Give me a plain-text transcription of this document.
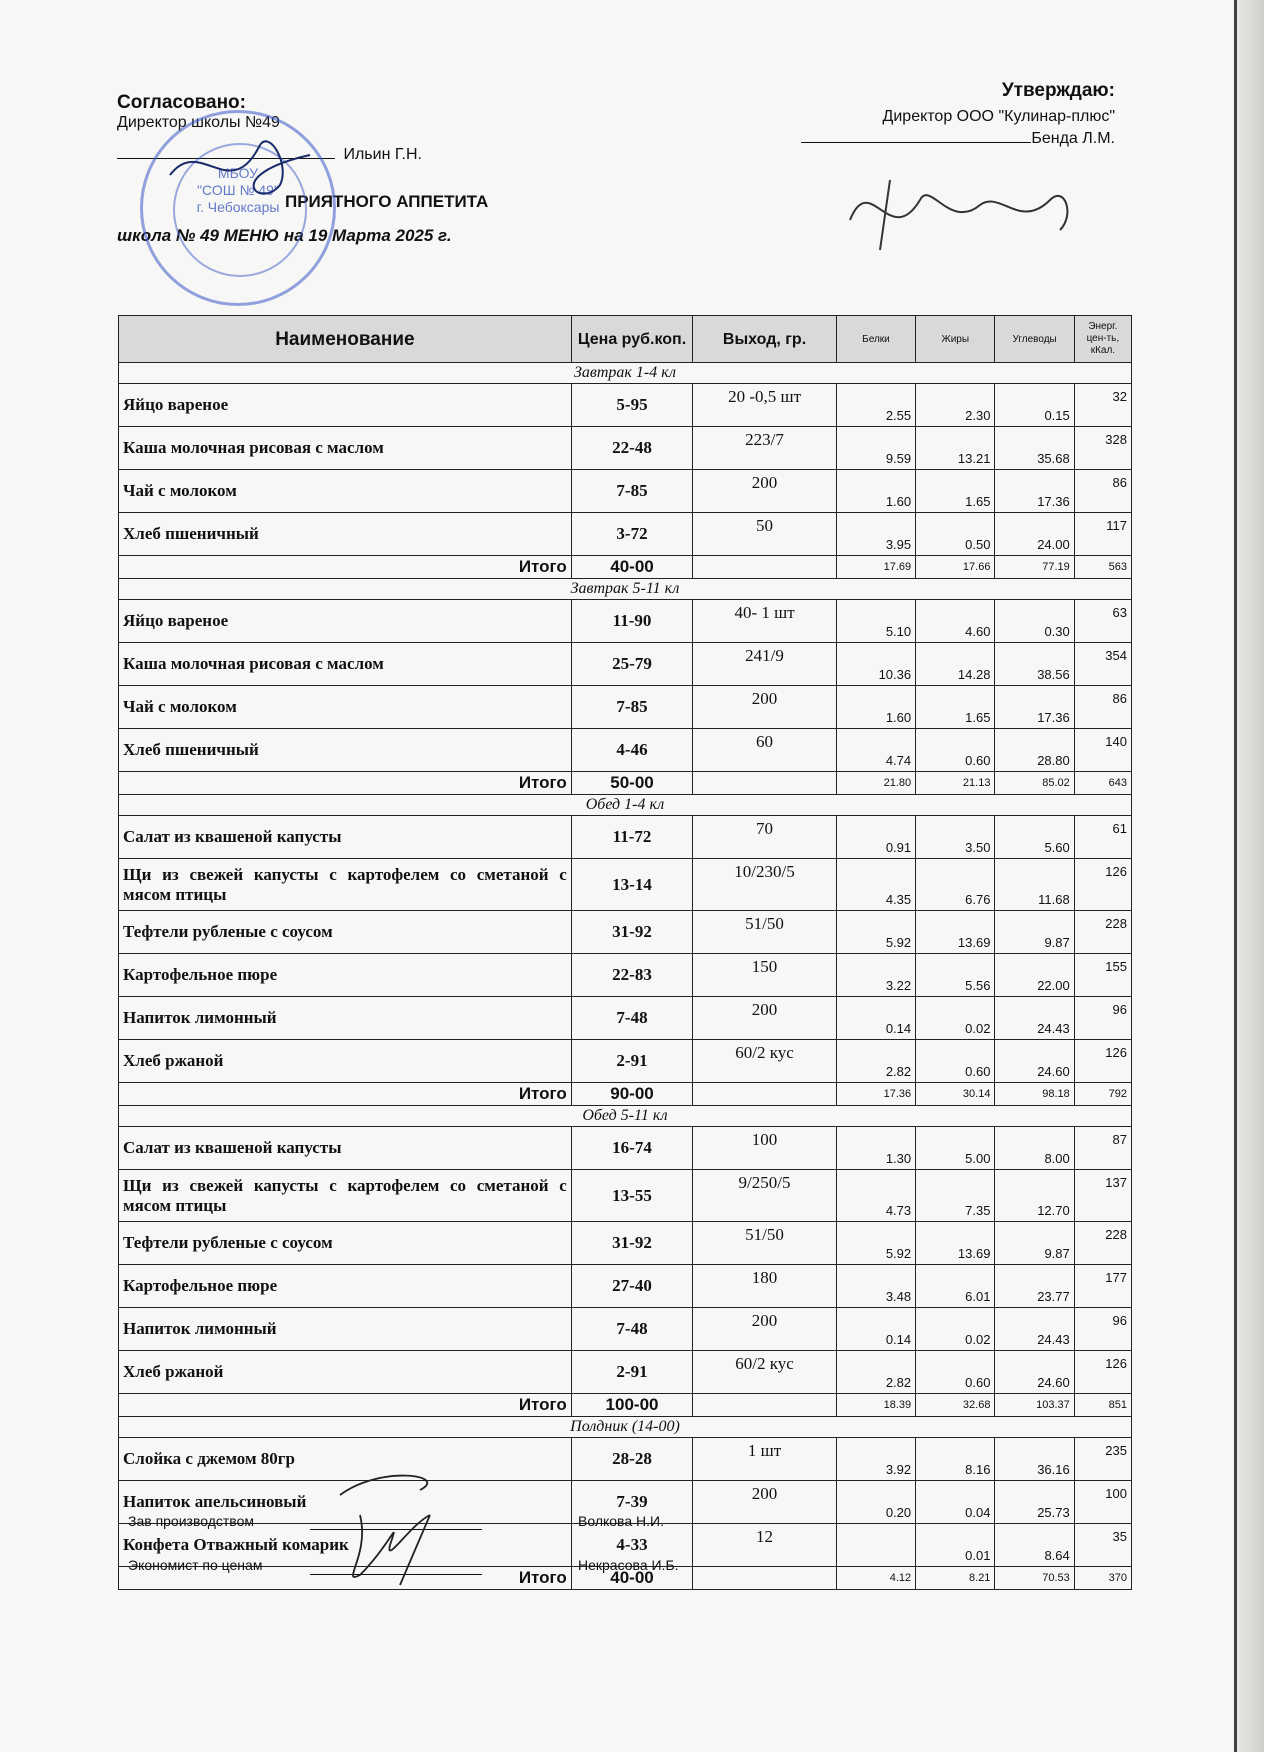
Согласовано:
Директор школы №49
Ильин Г.Н.
ПРИЯТНОГО АППЕТИТА
школа № 49 МЕНЮ на 19 Марта 2025 г.
Утверждаю:
Директор ООО "Кулинар-плюс"
Бенда Л.М.
МБОУ
"СОШ № 49"
г. Чебоксары
Наименование	Цена руб.коп.	Выход, гр.	Белки	Жиры	Углеводы	Энерг. цен-ть, кКал.
Завтрак 1-4 кл						
Яйцо вареное	5-95	20 -0,5 шт	2.55	2.30	0.15	32
Каша молочная рисовая с маслом	22-48	223/7	9.59	13.21	35.68	328
Чай с молоком	7-85	200	1.60	1.65	17.36	86
Хлеб пшеничный	3-72	50	3.95	0.50	24.00	117
Итого	40-00		17.69	17.66	77.19	563
Завтрак 5-11 кл						
Яйцо вареное	11-90	40- 1 шт	5.10	4.60	0.30	63
Каша молочная рисовая с маслом	25-79	241/9	10.36	14.28	38.56	354
Чай с молоком	7-85	200	1.60	1.65	17.36	86
Хлеб пшеничный	4-46	60	4.74	0.60	28.80	140
Итого	50-00		21.80	21.13	85.02	643
Обед 1-4 кл						
Салат из квашеной капусты	11-72	70	0.91	3.50	5.60	61
Щи из свежей капусты с картофелем со сметаной с мясом птицы	13-14	10/230/5	4.35	6.76	11.68	126
Тефтели рубленые с соусом	31-92	51/50	5.92	13.69	9.87	228
Картофельное пюре	22-83	150	3.22	5.56	22.00	155
Напиток лимонный	7-48	200	0.14	0.02	24.43	96
Хлеб ржаной	2-91	60/2 кус	2.82	0.60	24.60	126
Итого	90-00		17.36	30.14	98.18	792
Обед 5-11 кл						
Салат из квашеной капусты	16-74	100	1.30	5.00	8.00	87
Щи из свежей капусты с картофелем со сметаной с мясом птицы	13-55	9/250/5	4.73	7.35	12.70	137
Тефтели рубленые с соусом	31-92	51/50	5.92	13.69	9.87	228
Картофельное пюре	27-40	180	3.48	6.01	23.77	177
Напиток лимонный	7-48	200	0.14	0.02	24.43	96
Хлеб ржаной	2-91	60/2 кус	2.82	0.60	24.60	126
Итого	100-00		18.39	32.68	103.37	851
Полдник (14-00)						
Слойка с джемом 80гр	28-28	1 шт	3.92	8.16	36.16	235
Напиток апельсиновый	7-39	200	0.20	0.04	25.73	100
Конфета Отважный комарик	4-33	12		0.01	8.64	35
Итого	40-00		4.12	8.21	70.53	370
Зав производством	Волкова Н.И.
Экономист по ценам	Некрасова И.Б.
